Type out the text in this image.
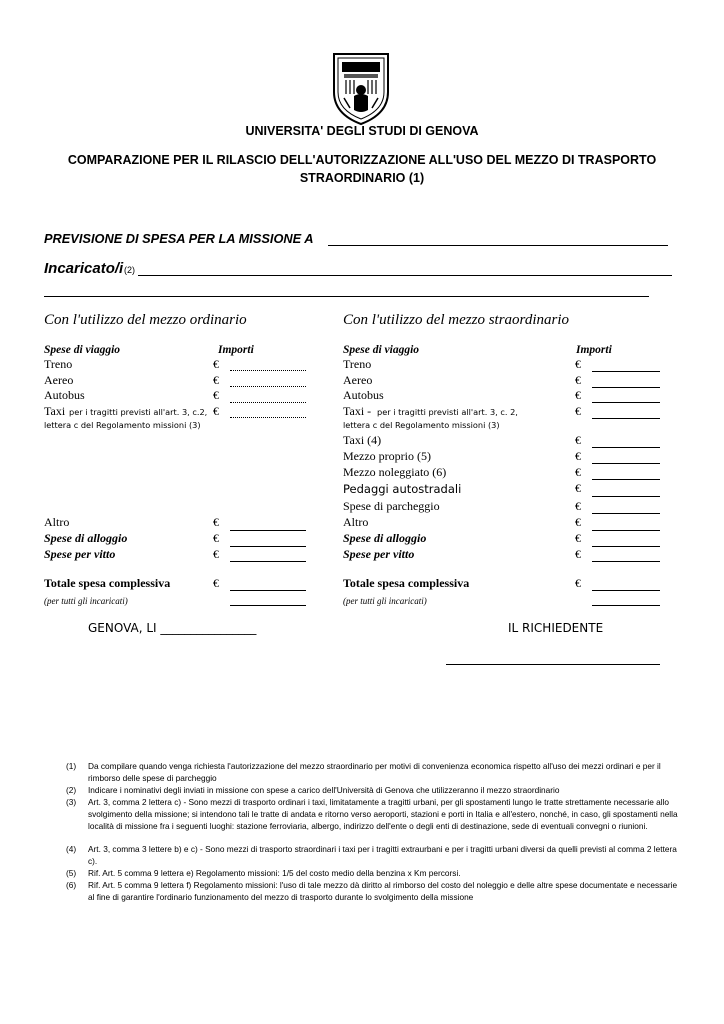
UNIVERSITA' DEGLI STUDI DI GENOVA
COMPARAZIONE PER IL RILASCIO DELL'AUTORIZZAZIONE ALL'USO DEL MEZZO DI TRASPORTO
STRAORDINARIO (1)
PREVISIONE DI SPESA PER LA MISSIONE A
Incaricato/i (2)
Con l'utilizzo del mezzo ordinario	Con l'utilizzo del mezzo straordinario
Spese di viaggio	Importi
Treno	€
Aereo	€
Autobus	€
Taxi per i tragitti previsti all'art. 3, c.2,
lettera c del Regolamento missioni (3)
€
Altro	€
Spese di alloggio	€
Spese per vitto	€
Totale spesa complessiva	€
(per tutti gli incaricati)
Spese di viaggio	Importi
Treno	€
Aereo	€
Autobus	€
Taxi - per i tragitti previsti all'art. 3, c. 2,
lettera c del Regolamento missioni (3)
€
Taxi (4)	€
Mezzo proprio (5)	€
Mezzo noleggiato (6)	€
Pedaggi autostradali	€
Spese di parcheggio	€
Altro	€
Spese di alloggio	€
Spese per vitto	€
Totale spesa complessiva	€
(per tutti gli incaricati)
GENOVA, LI ________________	IL RICHIEDENTE
(1) Da compilare quando venga richiesta l'autorizzazione del mezzo straordinario per motivi di convenienza economica rispetto all'uso dei mezzi ordinari e per il rimborso delle spese di parcheggio
(2) Indicare i nominativi degli inviati in missione con spese a carico dell'Università di Genova che utilizzeranno il mezzo straordinario
(3) Art. 3, comma 2 lettera c) - Sono mezzi di trasporto ordinari i taxi, limitatamente a tragitti urbani, per gli spostamenti lungo le tratte strettamente necessarie allo svolgimento della missione; si intendono tali le tratte di andata e ritorno verso aeroporti, stazioni e porti in Italia e all'estero, nonché, in caso, gli spostamenti nella località di missione fra i seguenti luoghi: stazione ferroviaria, albergo, indirizzo dell'ente o degli enti di destinazione, sede di eventuali convegni o riunioni.
(4) Art. 3, comma 3 lettere b) e c) - Sono mezzi di trasporto straordinari i taxi per i tragitti extraurbani e per i tragitti urbani diversi da quelli previsti al comma 2 lettera c).
(5) Rif. Art. 5 comma 9 lettera e) Regolamento missioni: 1/5 del costo medio della benzina x Km percorsi.
(6) Rif. Art. 5 comma 9 lettera f) Regolamento missioni: l'uso di tale mezzo dà diritto al rimborso del costo del noleggio e delle altre spese documentate e necessarie al fine di garantire l'ordinario funzionamento del mezzo di trasporto durante lo svolgimento della missione
